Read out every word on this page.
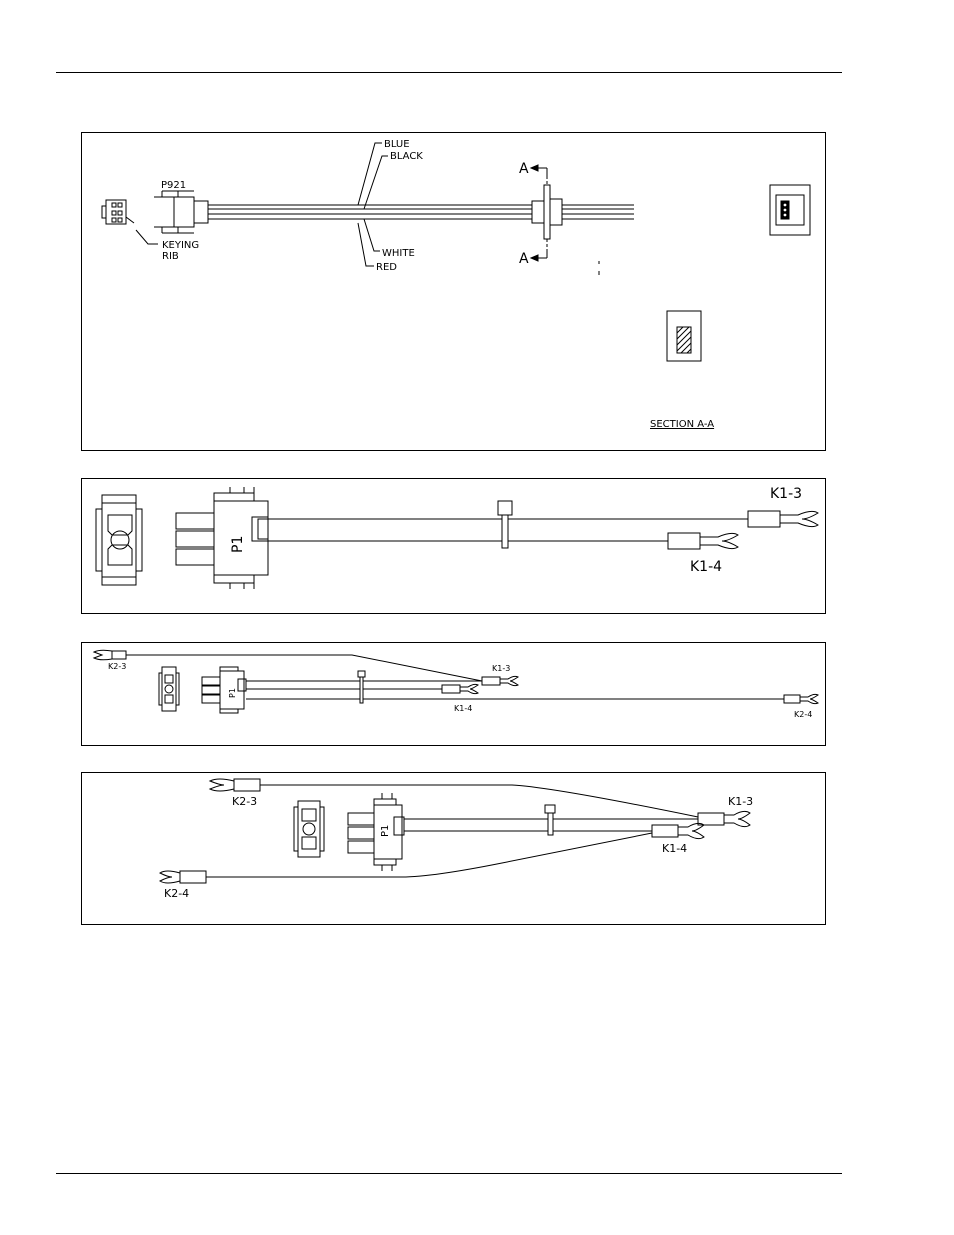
BLUE
BLACK
WHITE
RED
P921
KEYING
RIB
A
A
SECTION A-A
P1
K1-3
K1-4
K2-3
P1
K1-3
K1-4
K2-4
K2-3
P1
K1-3
K1-4
K2-4
